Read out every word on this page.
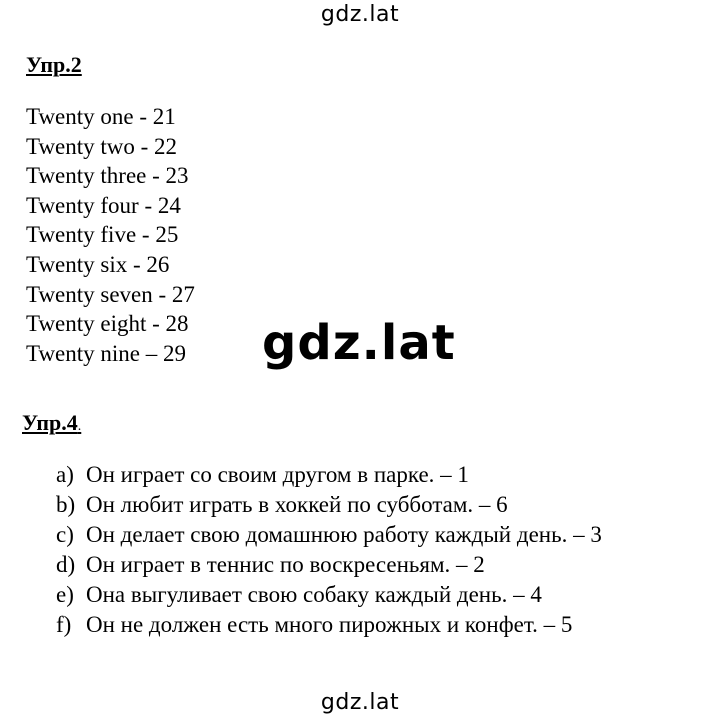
gdz.lat
Упр.2
Twenty one - 21
Twenty two - 22
Twenty three - 23
Twenty four - 24
Twenty five - 25
Twenty six - 26
Twenty seven - 27
Twenty eight - 28
Twenty nine – 29 gdz.lat
Упр.4.
a) Он играет со своим другом в парке. – 1
b) Он любит играть в хоккей по субботам. – 6
c) Он делает свою домашнюю работу каждый день. – 3
d) Он играет в теннис по воскресеньям. – 2
e) Она выгуливает свою собаку каждый день. – 4
f) Он не должен есть много пирожных и конфет. – 5
gdz.lat
